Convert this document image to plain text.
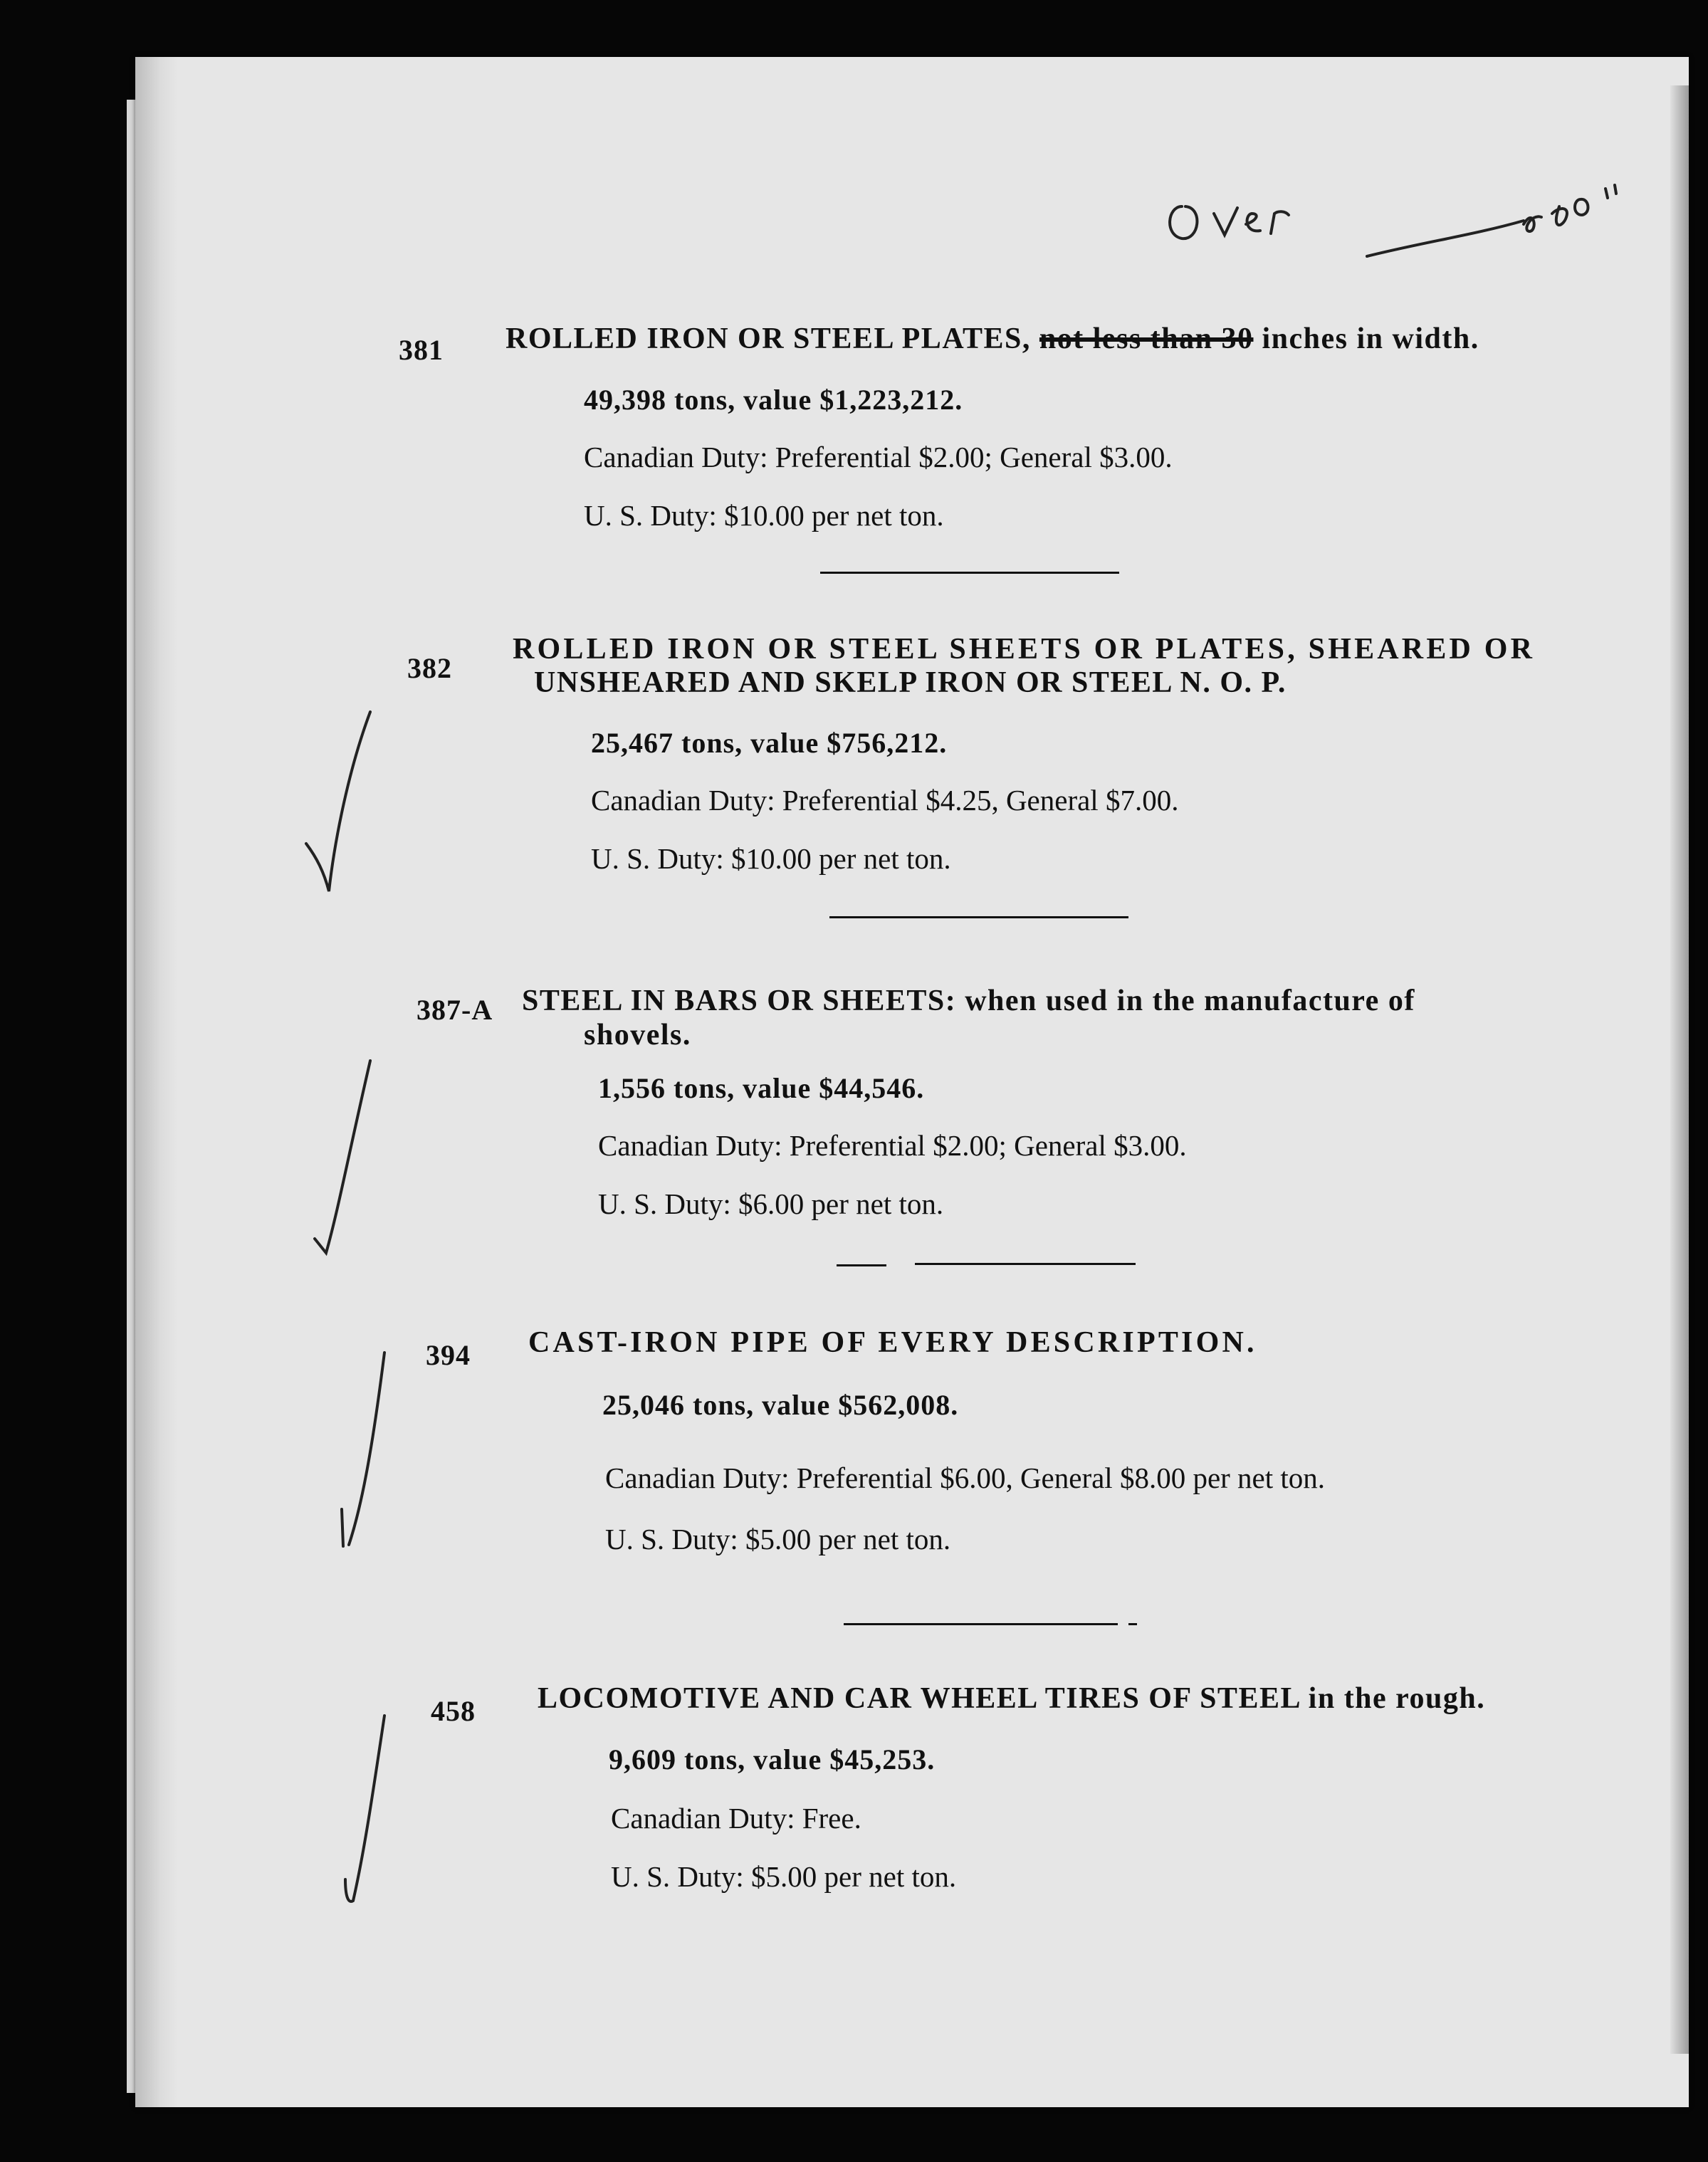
381 ROLLED IRON OR STEEL PLATES, not less than 30 inches in width.
49,398 tons, value $1,223,212.
Canadian Duty: Preferential $2.00; General $3.00.
U. S. Duty: $10.00 per net ton.
382
ROLLED IRON OR STEEL SHEETS OR PLATES, SHEARED OR
UNSHEARED AND SKELP IRON OR STEEL N. O. P.
25,467 tons, value $756,212.
Canadian Duty: Preferential $4.25, General $7.00.
U. S. Duty: $10.00 per net ton.
387-A STEEL IN BARS OR SHEETS: when used in the manufacture of
shovels.
1,556 tons, value $44,546.
Canadian Duty: Preferential $2.00; General $3.00.
U. S. Duty: $6.00 per net ton.
394 CAST-IRON PIPE OF EVERY DESCRIPTION.
25,046 tons, value $562,008.
Canadian Duty: Preferential $6.00, General $8.00 per net ton.
U. S. Duty: $5.00 per net ton.
458 LOCOMOTIVE AND CAR WHEEL TIRES OF STEEL in the rough.
9,609 tons, value $45,253.
Canadian Duty: Free.
U. S. Duty: $5.00 per net ton.
